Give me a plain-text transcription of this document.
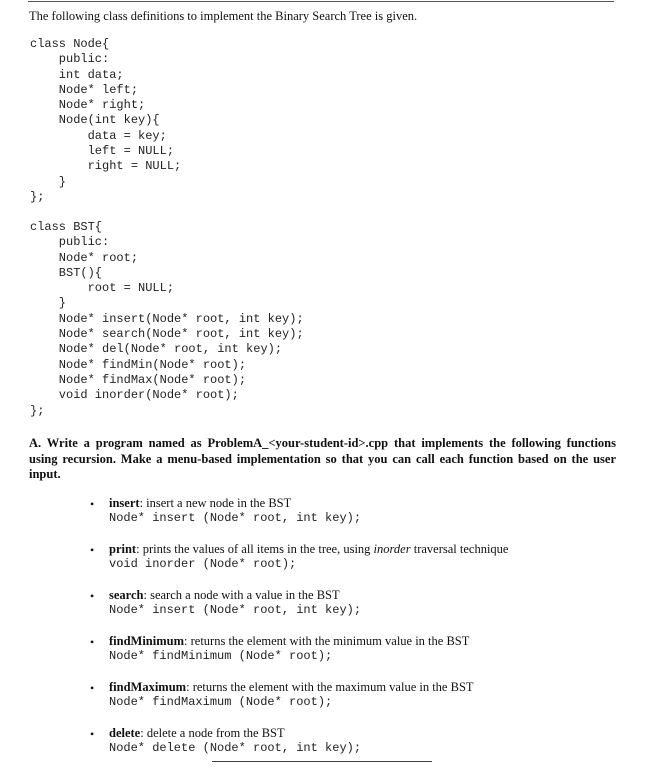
The following class definitions to implement the Binary Search Tree is given.
class Node{
public:
int data;
Node* left;
Node* right;
Node(int key){
data = key;
left = NULL;
right = NULL;
}
};
class BST{
public:
Node* root;
BST(){
root = NULL;
}
Node* insert(Node* root, int key);
Node* search(Node* root, int key);
Node* del(Node* root, int key);
Node* findMin(Node* root);
Node* findMax(Node* root);
void inorder(Node* root);
};
A. Write a program named as ProblemA_<your-student-id>.cpp that implements the following functions using recursion. Make a menu-based implementation so that you can call each function based on the user input.
• insert: insert a new node in the BST
Node* insert (Node* root, int key);
• print: prints the values of all items in the tree, using inorder traversal technique
void inorder (Node* root);
• search: search a node with a value in the BST
Node* insert (Node* root, int key);
• findMinimum: returns the element with the minimum value in the BST
Node* findMinimum (Node* root);
• findMaximum: returns the element with the maximum value in the BST
Node* findMaximum (Node* root);
• delete: delete a node from the BST
Node* delete (Node* root, int key);
